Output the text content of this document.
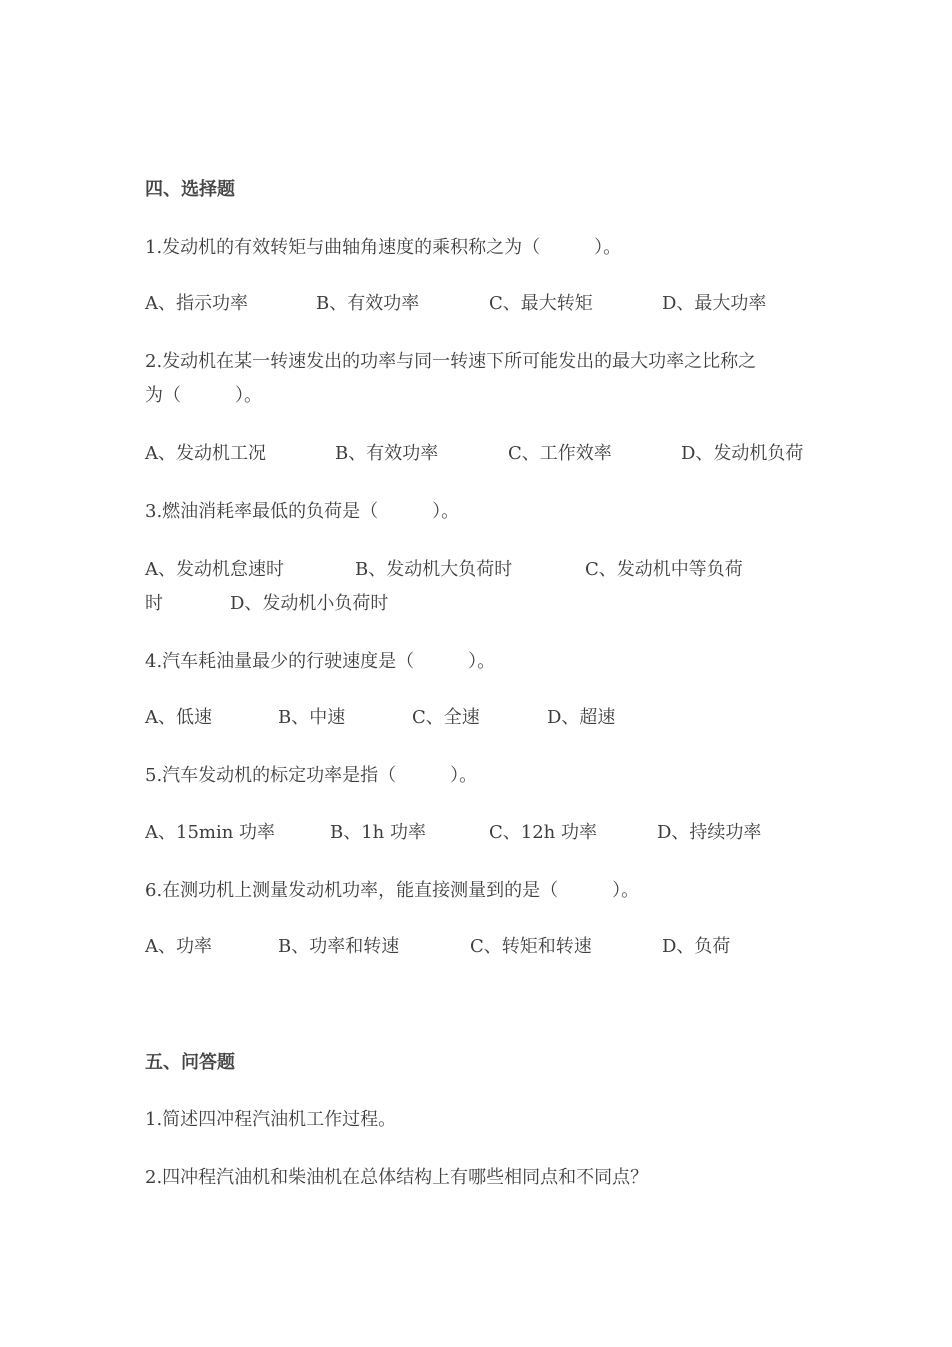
四、选择题
1.发动机的有效转矩与曲轴角速度的乘积称之为（　　　）。
A、指示功率	B、有效功率	C、最大转矩	D、最大功率
2.发动机在某一转速发出的功率与同一转速下所可能发出的最大功率之比称之
为（　　　）。
A、发动机工况	B、有效功率	C、工作效率	D、发动机负荷
3.燃油消耗率最低的负荷是（　　　）。
A、发动机怠速时	B、发动机大负荷时	C、发动机中等负荷
时	D、发动机小负荷时
4.汽车耗油量最少的行驶速度是（　　　）。
A、低速	B、中速	C、全速	D、超速
5.汽车发动机的标定功率是指（　　　）。
A、15min 功率	B、1h 功率	C、12h 功率	D、持续功率
6.在测功机上测量发动机功率，能直接测量到的是（　　　）。
A、功率	B、功率和转速	C、转矩和转速	D、负荷
五、问答题
1.简述四冲程汽油机工作过程。
2.四冲程汽油机和柴油机在总体结构上有哪些相同点和不同点？
